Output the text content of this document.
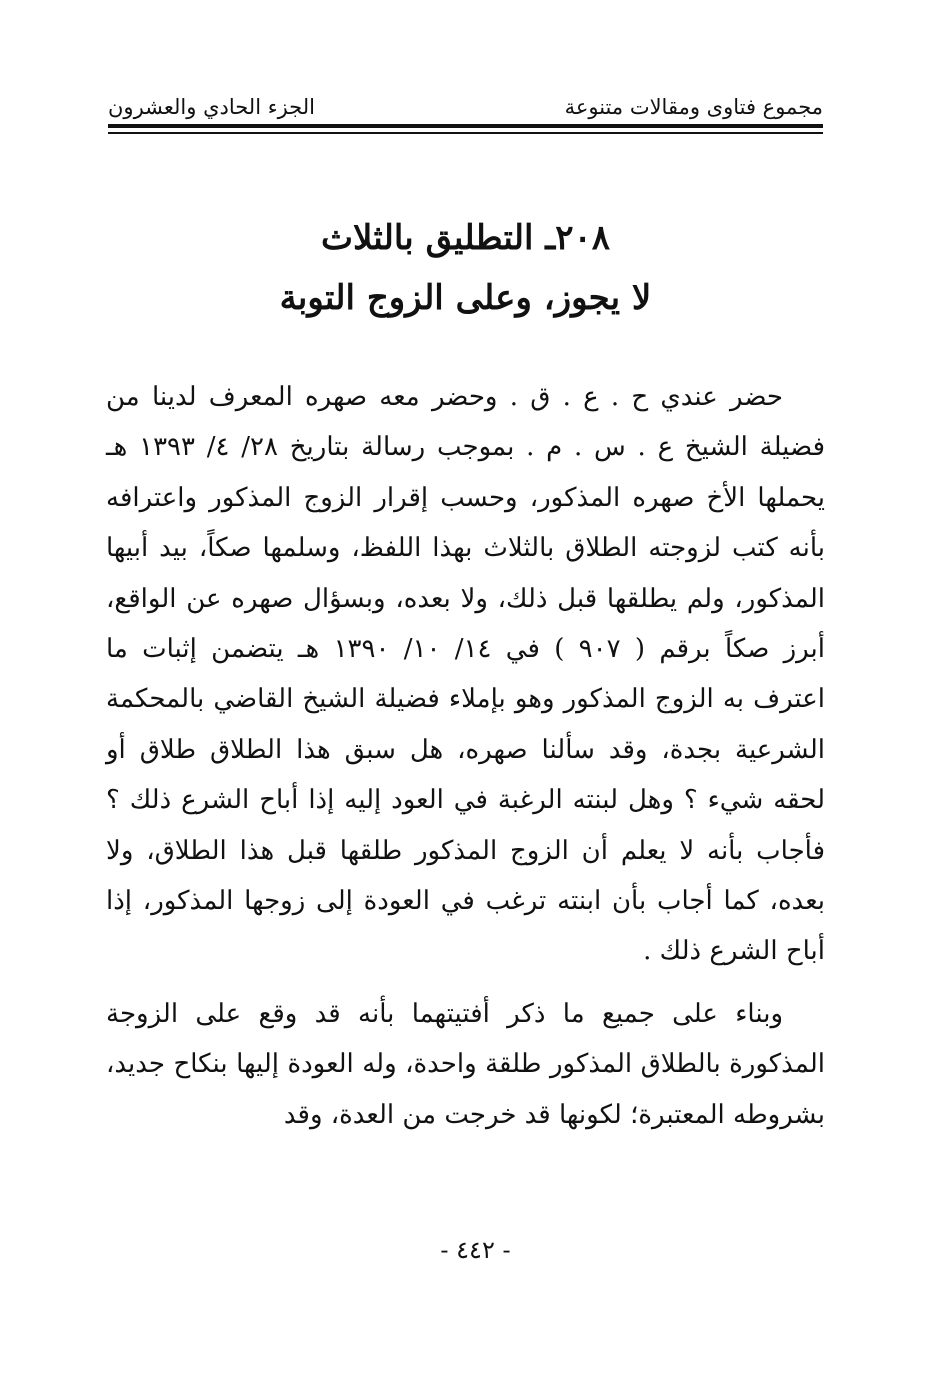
مجموع فتاوى ومقالات متنوعة
الجزء الحادي والعشرون
٢٠٨ـ التطليق بالثلاث
لا يجوز، وعلى الزوج التوبة

حضر عندي ح . ع . ق . وحضر معه صهره المعرف لدينا من فضيلة الشيخ ع . س . م . بموجب رسالة بتاريخ ٢٨/ ٤/ ١٣٩٣ هـ يحملها الأخ صهره المذكور، وحسب إقرار الزوج المذكور واعترافه بأنه كتب لزوجته الطلاق بالثلاث بهذا اللفظ، وسلمها صكاً، بيد أبيها المذكور، ولم يطلقها قبل ذلك، ولا بعده، وبسؤال صهره عن الواقع، أبرز صكاً برقم ( ٩٠٧ ) في ١٤/ ١٠/ ١٣٩٠ هـ يتضمن إثبات ما اعترف به الزوج المذكور وهو بإملاء فضيلة الشيخ القاضي بالمحكمة الشرعية بجدة، وقد سألنا صهره، هل سبق هذا الطلاق طلاق أو لحقه شيء ؟ وهل لبنته الرغبة في العود إليه إذا أباح الشرع ذلك ؟ فأجاب بأنه لا يعلم أن الزوج المذكور طلقها قبل هذا الطلاق، ولا بعده، كما أجاب بأن ابنته ترغب في العودة إلى زوجها المذكور، إذا أباح الشرع ذلك .

وبناء على جميع ما ذكر أفتيتهما بأنه قد وقع على الزوجة المذكورة بالطلاق المذكور طلقة واحدة، وله العودة إليها بنكاح جديد، بشروطه المعتبرة؛ لكونها قد خرجت من العدة، وقد

- ٤٤٢ -
